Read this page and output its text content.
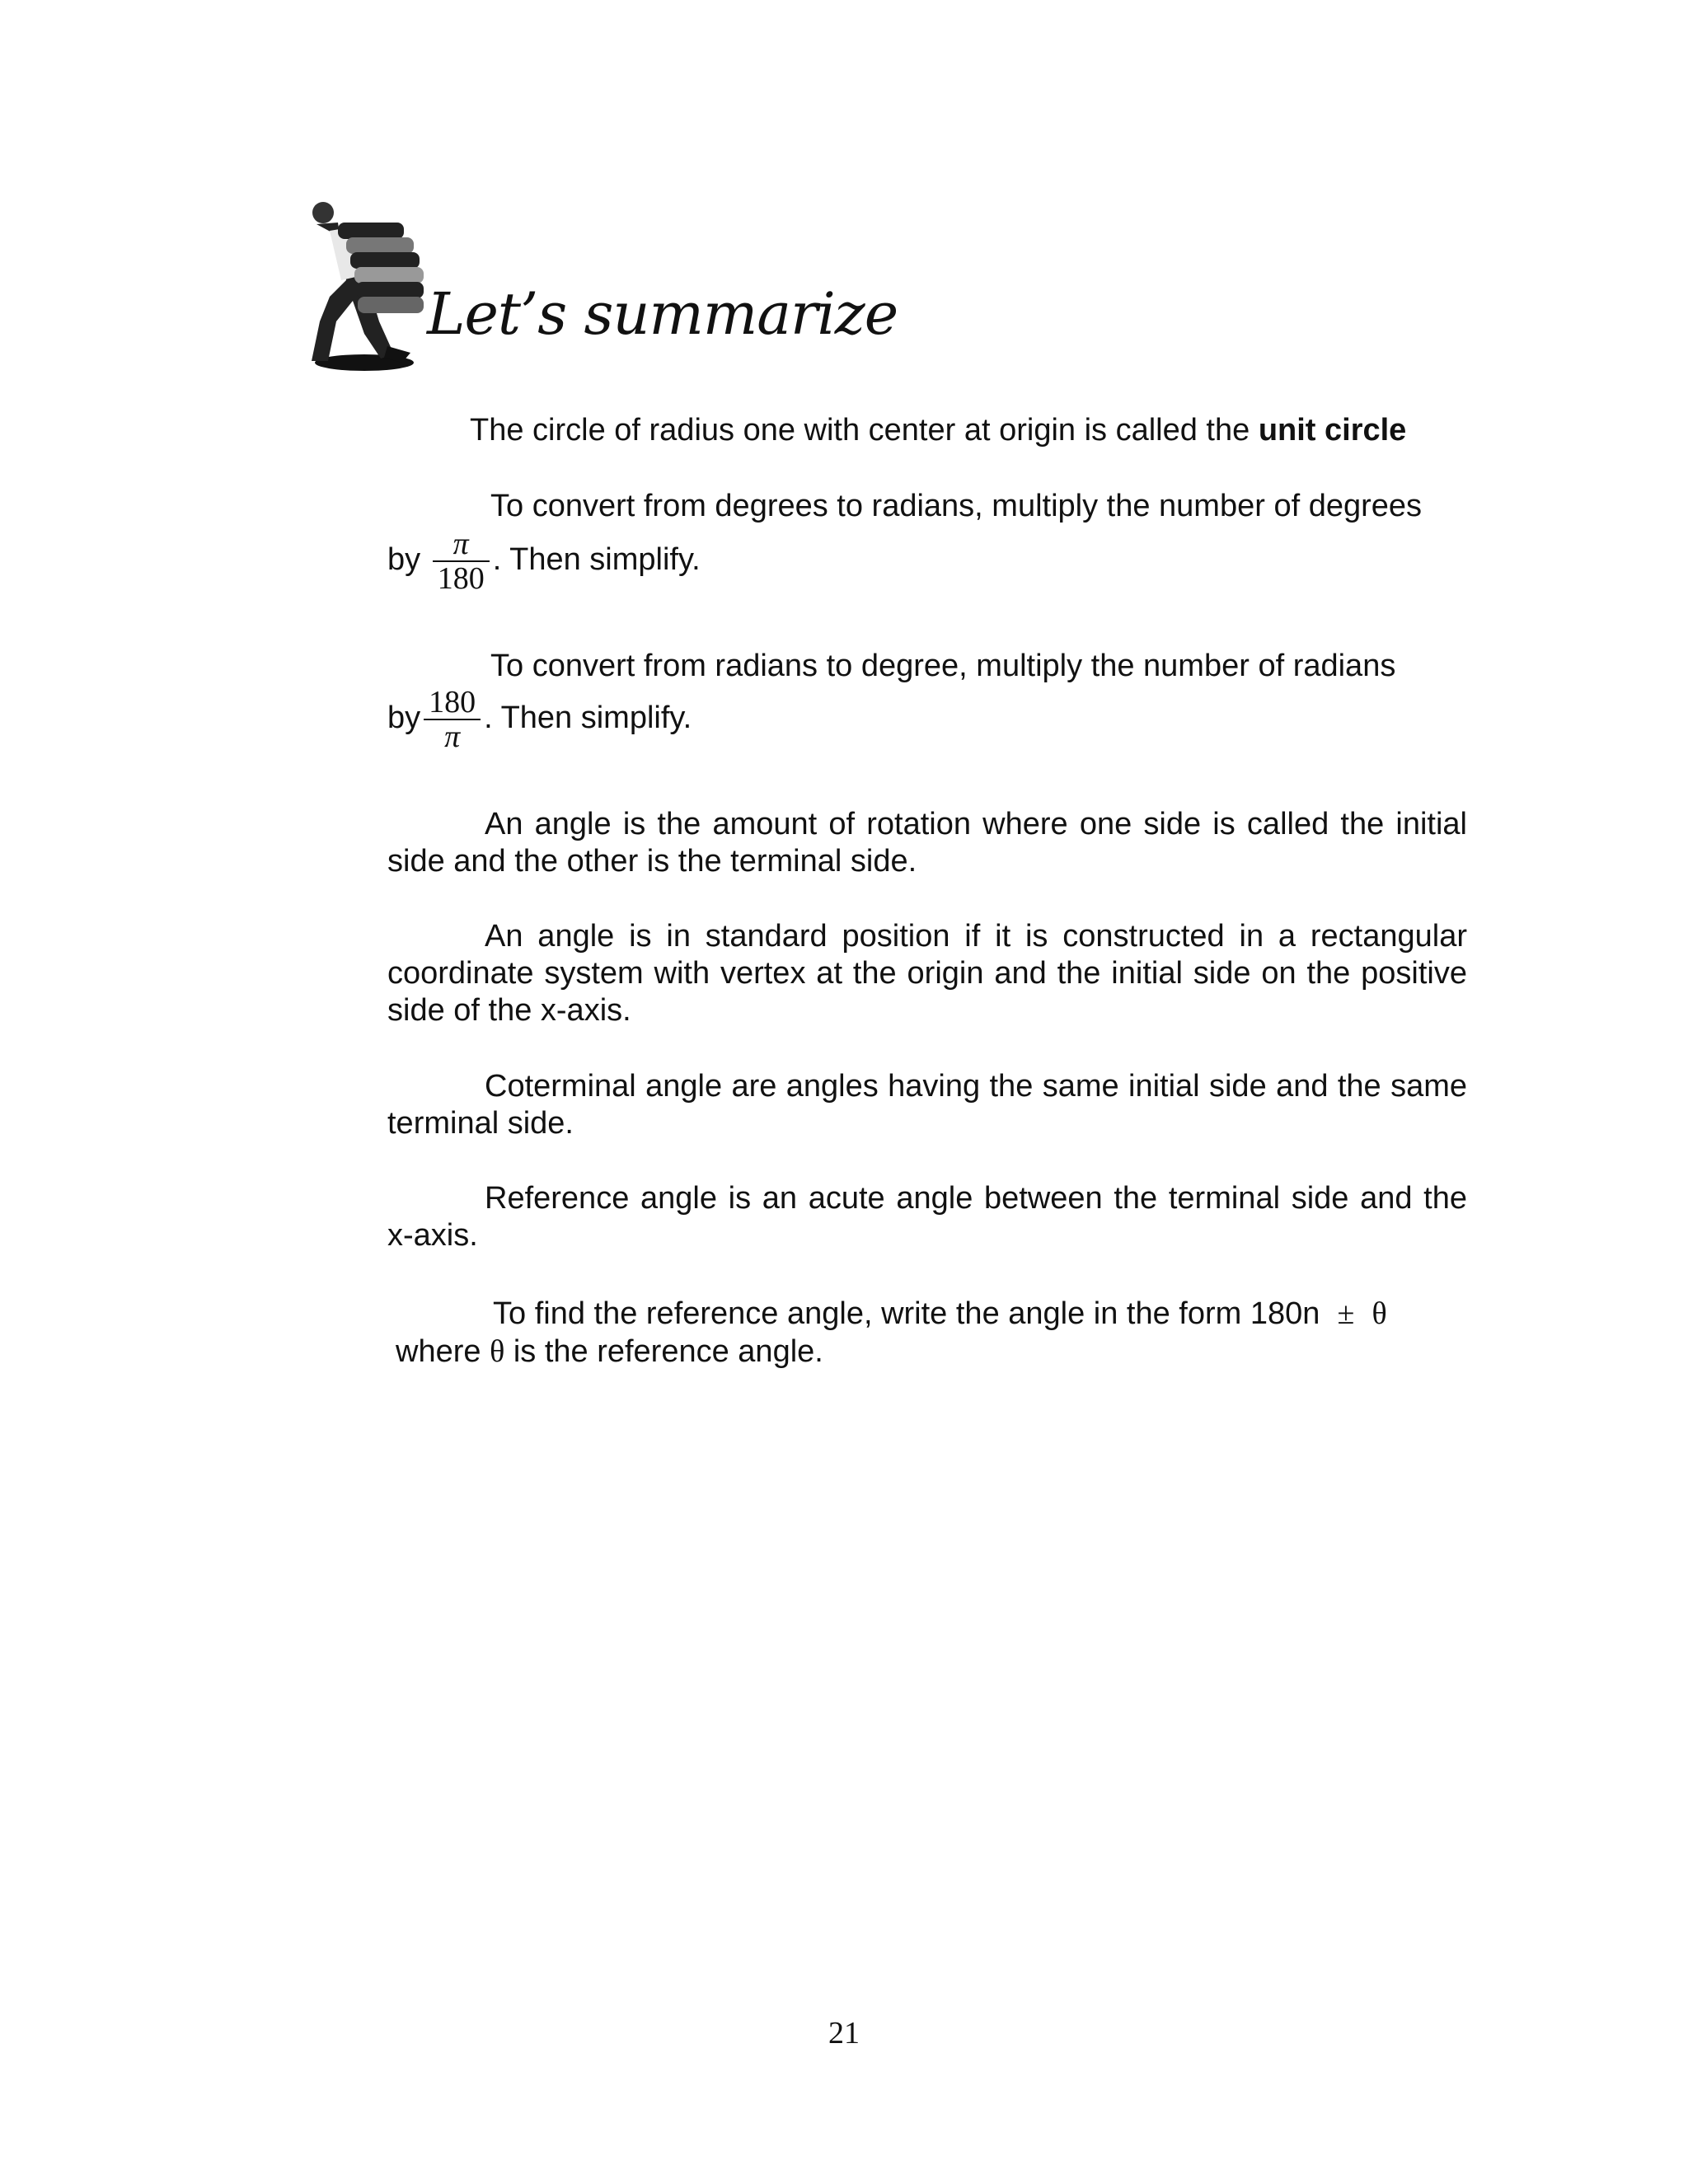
Let’s summarize
The circle of radius one with center at origin is called the unit circle
To convert from degrees to radians, multiply the number of degrees
by $\frac{\pi}{180}$ . Then simplify.
To convert from radians to degree, multiply the number of radians
by $\frac{180}{\pi}$ . Then simplify.
An angle is the amount of rotation where one side is called the initial side and the other is the terminal side.
An angle is in standard position if it is constructed in a rectangular coordinate system with vertex at the origin and the initial side on the positive side of the x-axis.
Coterminal angle are angles having the same initial side and the same terminal side.
Reference angle is an acute angle between the terminal side and the x-axis.
To find the reference angle, write the angle in the form 180n ± θ
where θ is the reference angle.
21
